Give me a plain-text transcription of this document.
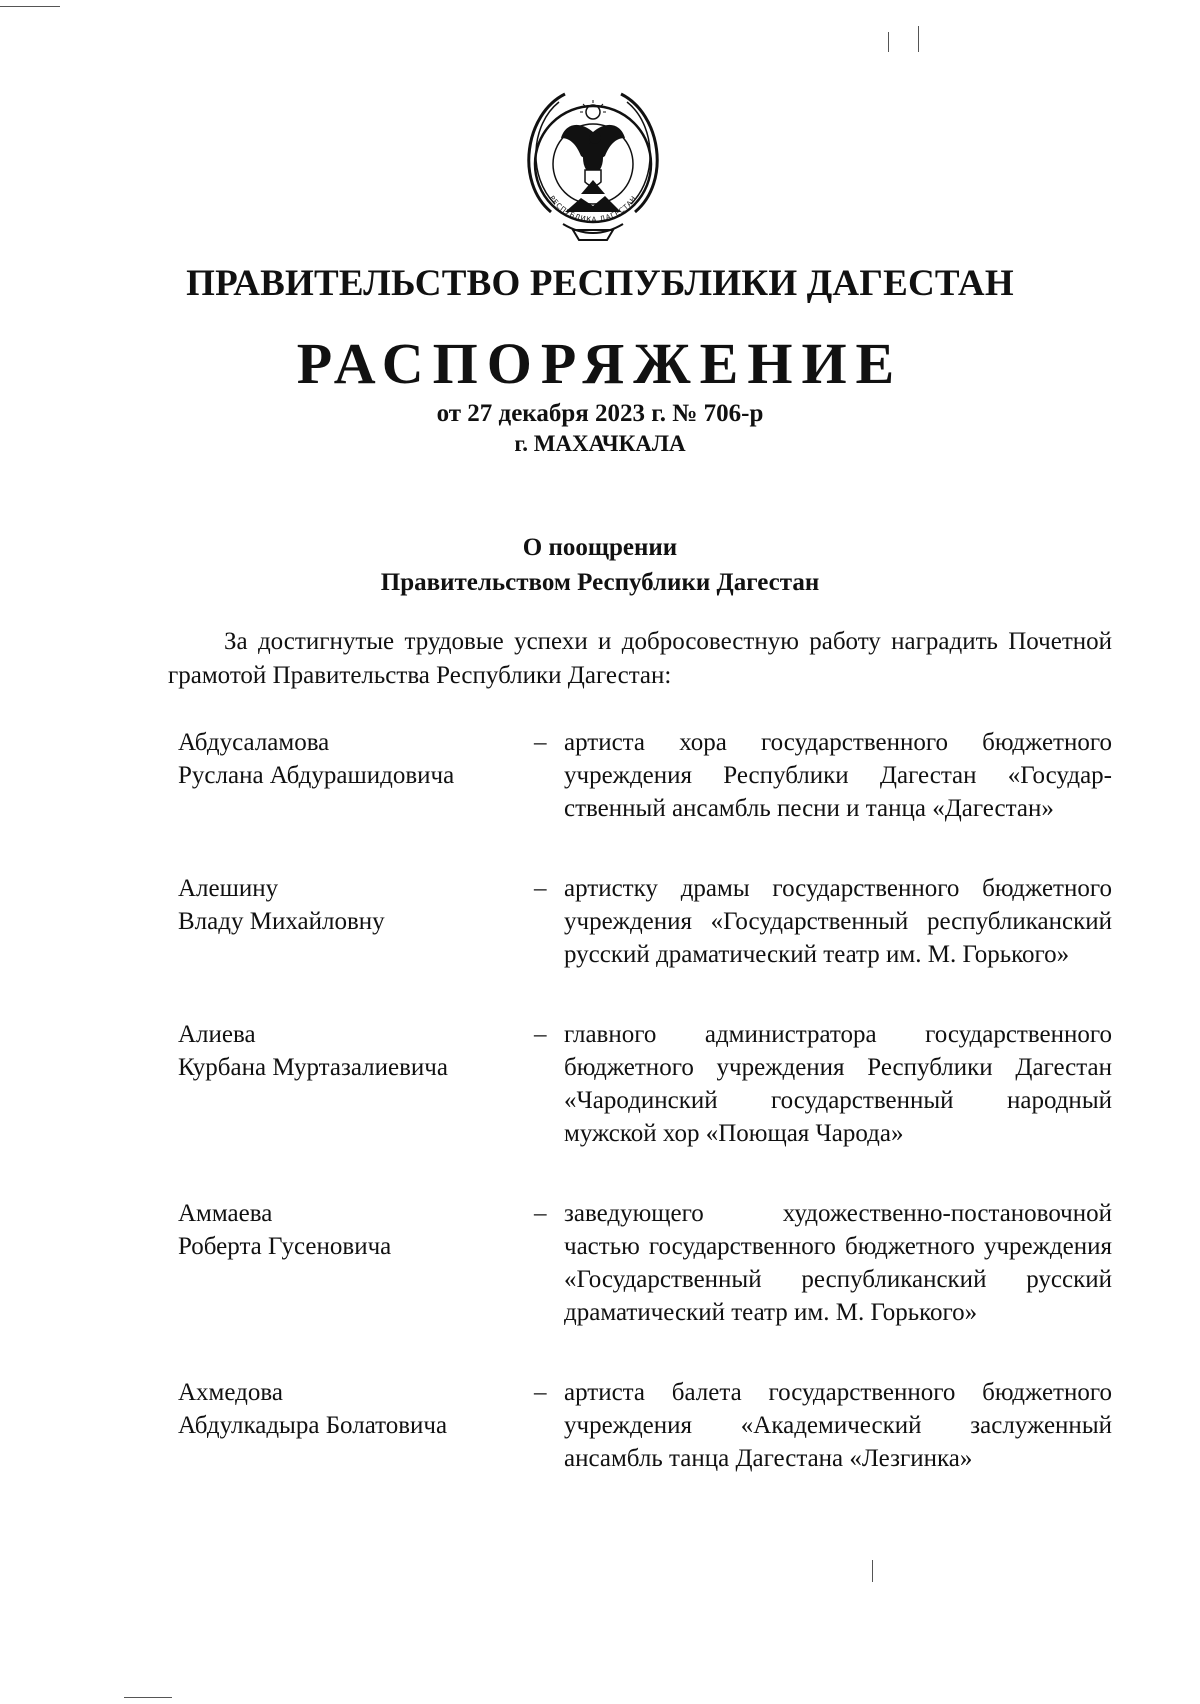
РЕСПУБЛИКА ДАГЕСТАН
ПРАВИТЕЛЬСТВО РЕСПУБЛИКИ ДАГЕСТАН
РАСПОРЯЖЕНИЕ
от 27 декабря 2023 г. № 706-р
г. МАХАЧКАЛА
О поощрении
Правительством Республики Дагестан
За достигнутые трудовые успехи и добросовестную работу наградить Почетной грамотой Правительства Республики Дагестан:
Абдусаламова
Руслана Абдурашидовича
– артиста хора государственного бюджетного учреждения Республики Дагестан «Государственный ансамбль песни и танца «Дагестан»
Алешину
Владу Михайловну
– артистку драмы государственного бюджетного учреждения «Государственный республиканский русский драматический театр им. М. Горького»
Алиева
Курбана Муртазалиевича
– главного администратора государственного бюджетного учреждения Республики Дагестан «Чародинский государственный народный мужской хор «Поющая Чарода»
Аммаева
Роберта Гусеновича
– заведующего художественно-постановочной частью государственного бюджетного учреждения «Государственный республиканский русский драматический театр им. М. Горького»
Ахмедова
Абдулкадыра Болатовича
– артиста балета государственного бюджетного учреждения «Академический заслуженный ансамбль танца Дагестана «Лезгинка»
